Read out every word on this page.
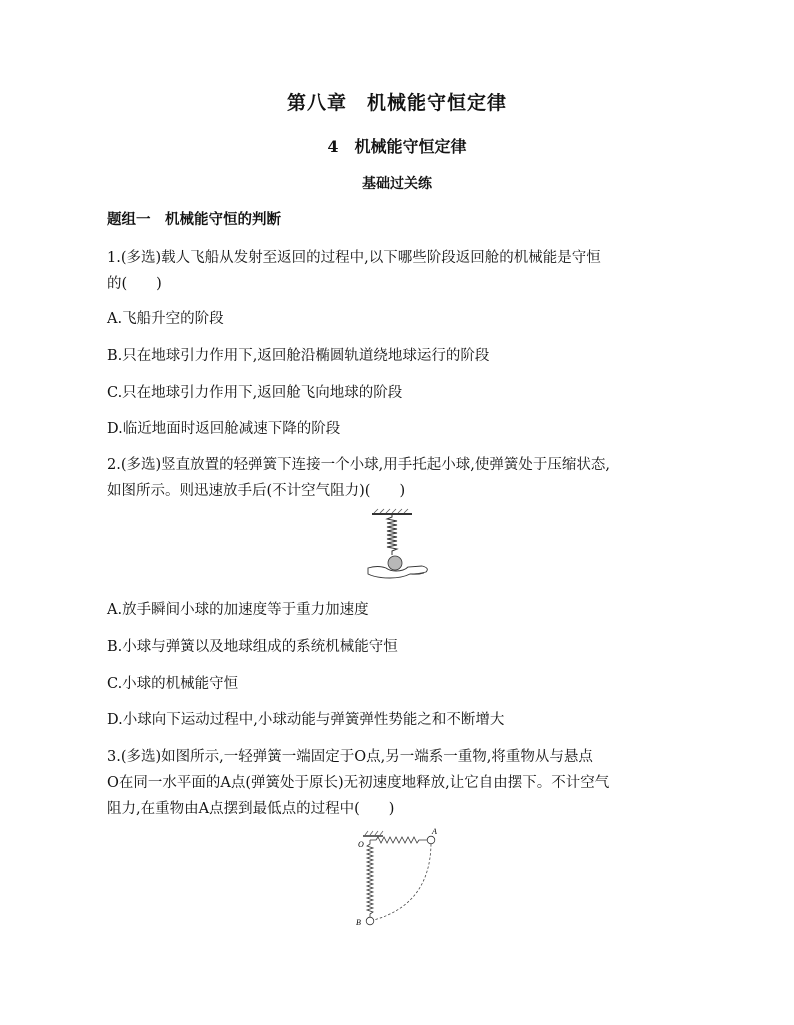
第八章　机械能守恒定律
4　机械能守恒定律
基础过关练
题组一　机械能守恒的判断
1.(多选)载人飞船从发射至返回的过程中,以下哪些阶段返回舱的机械能是守恒
的(　　)
A.飞船升空的阶段
B.只在地球引力作用下,返回舱沿椭圆轨道绕地球运行的阶段
C.只在地球引力作用下,返回舱飞向地球的阶段
D.临近地面时返回舱减速下降的阶段
2.(多选)竖直放置的轻弹簧下连接一个小球,用手托起小球,使弹簧处于压缩状态,
如图所示。则迅速放手后(不计空气阻力)(　　)
A.放手瞬间小球的加速度等于重力加速度
B.小球与弹簧以及地球组成的系统机械能守恒
C.小球的机械能守恒
D.小球向下运动过程中,小球动能与弹簧弹性势能之和不断增大
3.(多选)如图所示,一轻弹簧一端固定于O点,另一端系一重物,将重物从与悬点
O在同一水平面的A点(弹簧处于原长)无初速度地释放,让它自由摆下。不计空气
阻力,在重物由A点摆到最低点的过程中(　　)
O
A
B
